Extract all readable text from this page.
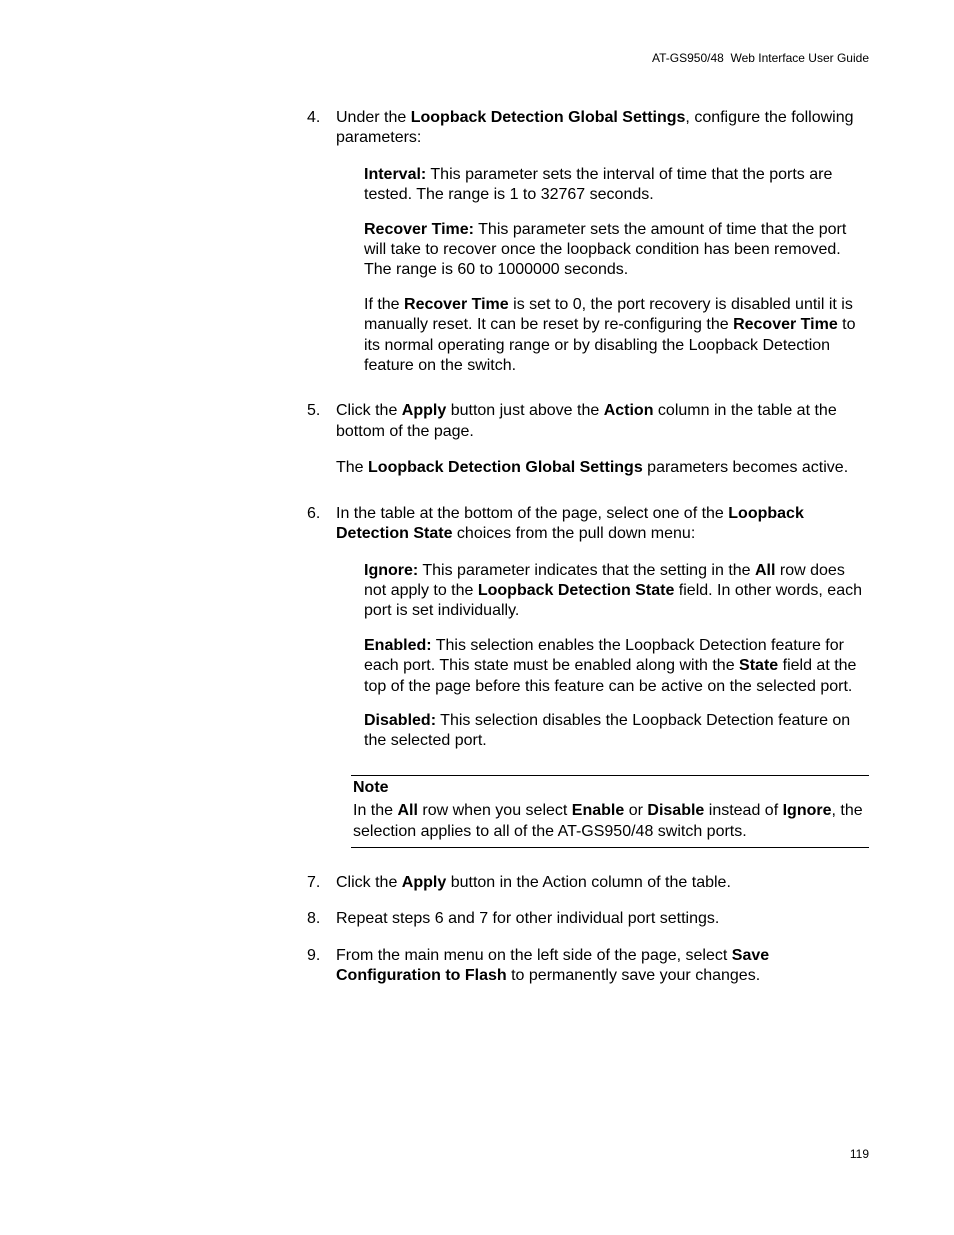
AT-GS950/48  Web Interface User Guide
4. Under the Loopback Detection Global Settings, configure the following parameters:

Interval: This parameter sets the interval of time that the ports are tested. The range is 1 to 32767 seconds.

Recover Time: This parameter sets the amount of time that the port will take to recover once the loopback condition has been removed. The range is 60 to 1000000 seconds.

If the Recover Time is set to 0, the port recovery is disabled until it is manually reset. It can be reset by re-configuring the Recover Time to its normal operating range or by disabling the Loopback Detection feature on the switch.

5. Click the Apply button just above the Action column in the table at the bottom of the page.

The Loopback Detection Global Settings parameters becomes active.

6. In the table at the bottom of the page, select one of the Loopback Detection State choices from the pull down menu:

Ignore: This parameter indicates that the setting in the All row does not apply to the Loopback Detection State field. In other words, each port is set individually.

Enabled: This selection enables the Loopback Detection feature for each port. This state must be enabled along with the State field at the top of the page before this feature can be active on the selected port.

Disabled: This selection disables the Loopback Detection feature on the selected port.

Note

In the All row when you select Enable or Disable instead of Ignore, the selection applies to all of the AT-GS950/48 switch ports.

7. Click the Apply button in the Action column of the table.

8. Repeat steps 6 and 7 for other individual port settings.

9. From the main menu on the left side of the page, select Save Configuration to Flash to permanently save your changes.

119
